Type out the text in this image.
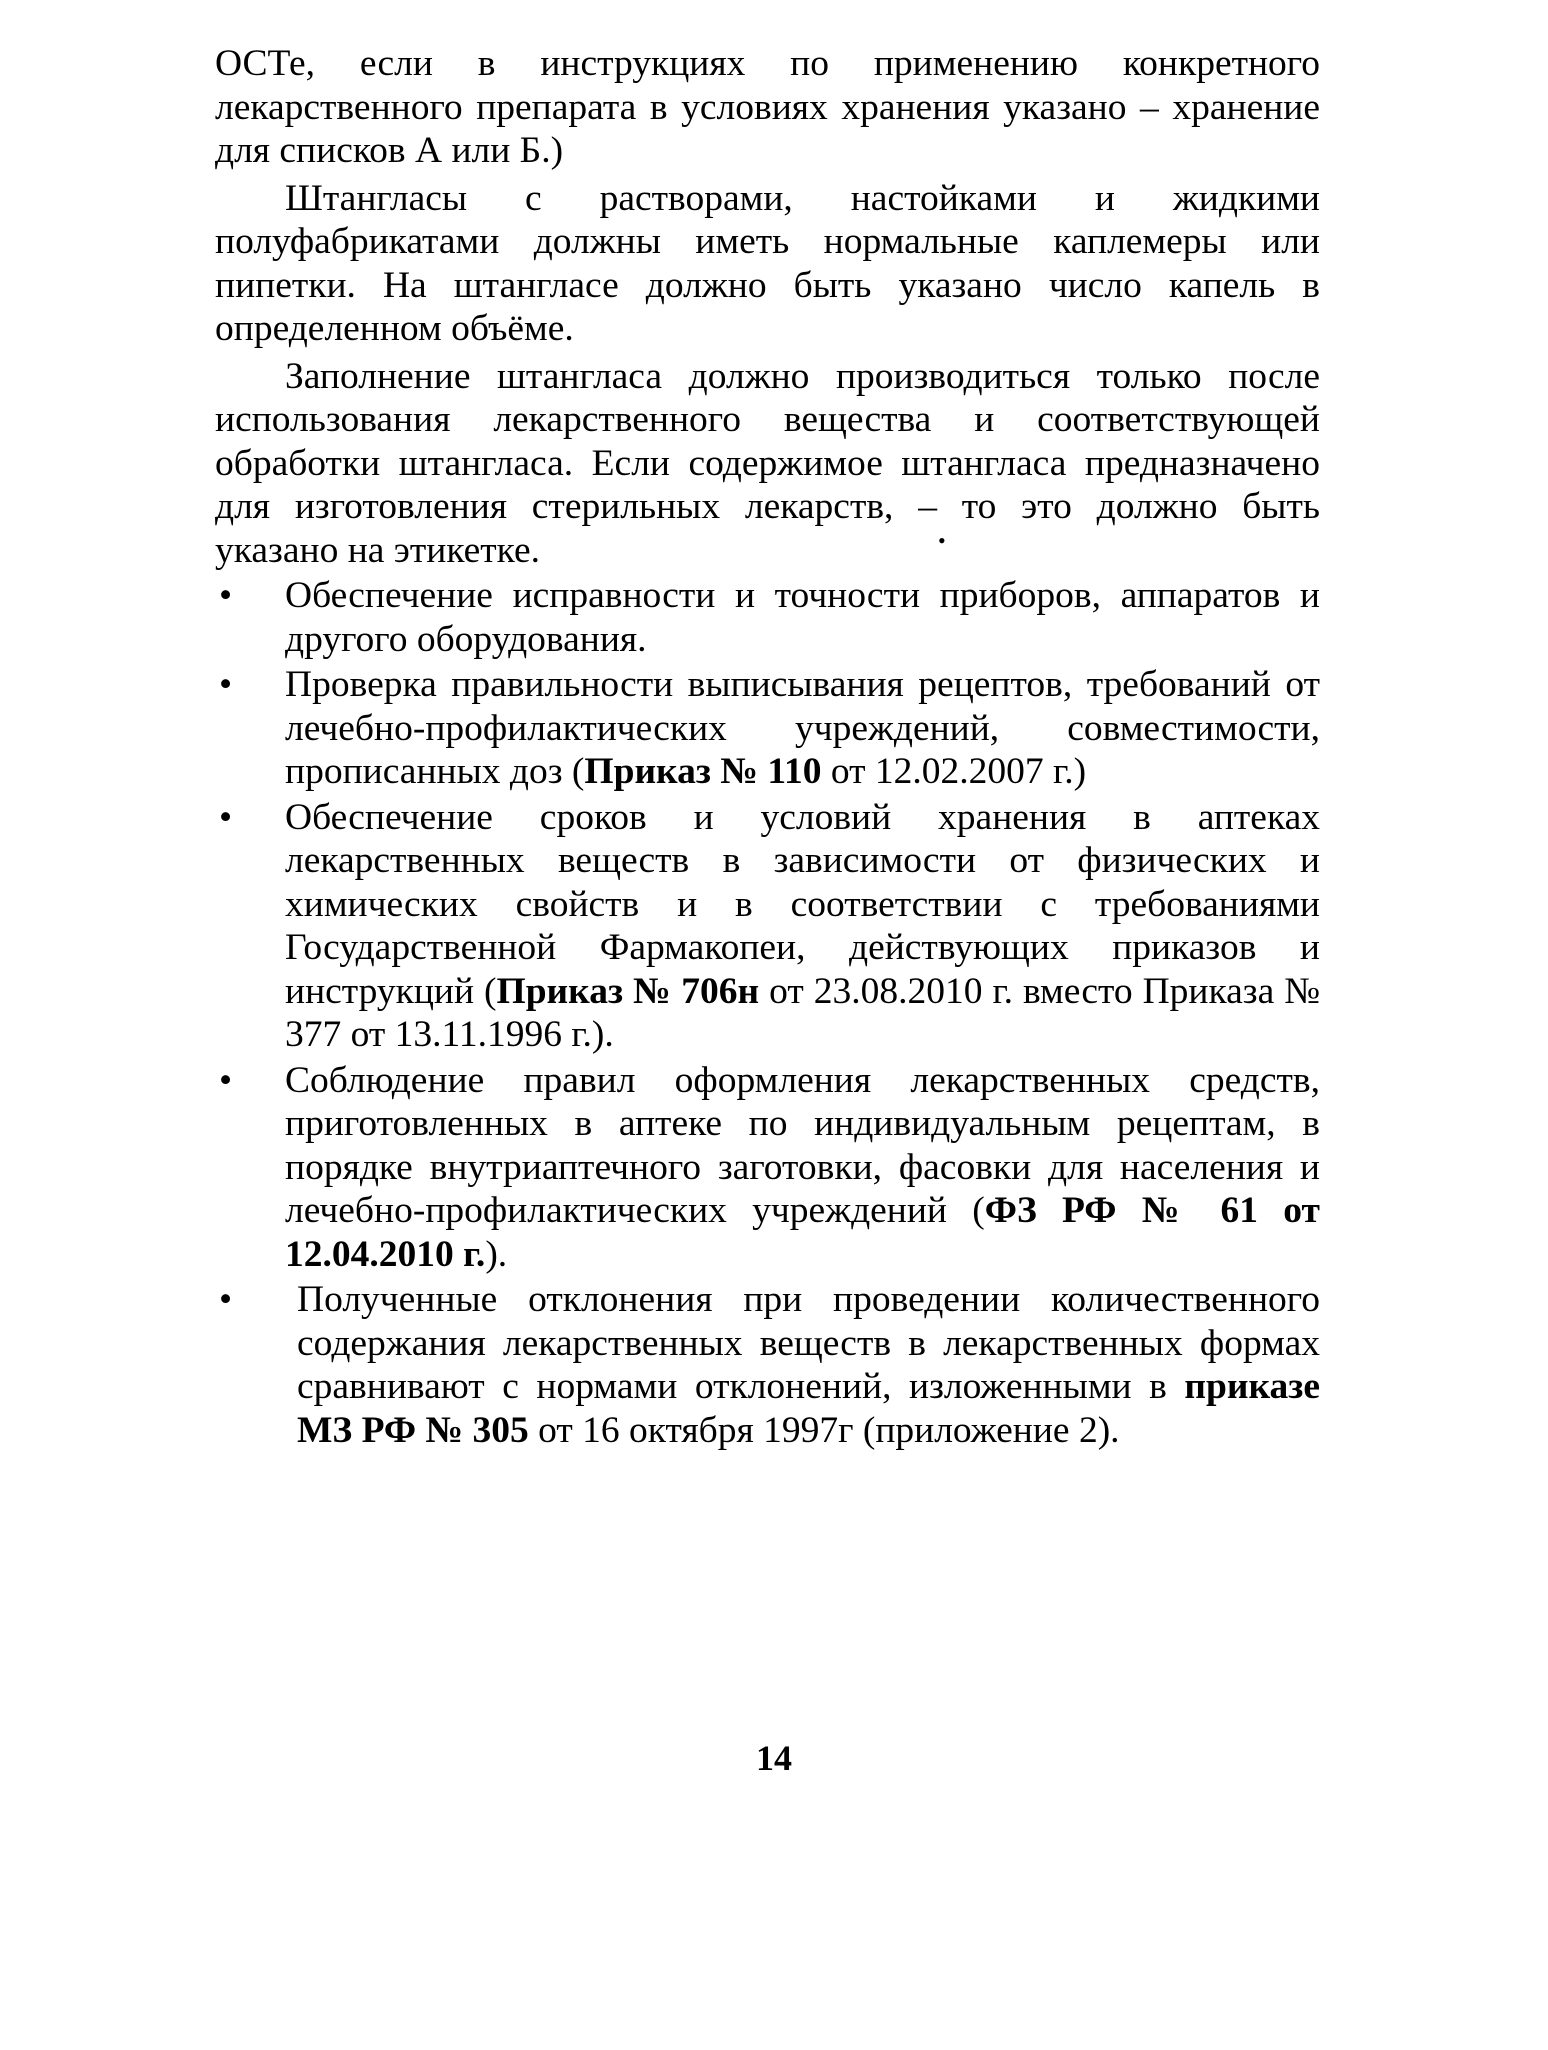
ОСТе, если в инструкциях по применению конкретного лекарственного препарата в условиях хранения указано – хранение для списков А или Б.)

Штангласы с растворами, настойками и жидкими полуфабрикатами должны иметь нормальные каплемеры или пипетки. На штангласе должно быть указано число капель в определенном объёме.

Заполнение штангласа должно производиться только после использования лекарственного вещества и соответствующей обработки штангласа. Если содержимое штангласа предназначено для изготовления стерильных лекарств, – то это должно быть указано на этикетке.

• Обеспечение исправности и точности приборов, аппаратов и другого оборудования.
• Проверка правильности выписывания рецептов, требований от лечебно-профилактических учреждений, совместимости, прописанных доз (Приказ № 110 от 12.02.2007 г.)
• Обеспечение сроков и условий хранения в аптеках лекарственных веществ в зависимости от физических и химических свойств и в соответствии с требованиями Государственной Фармакопеи, действующих приказов и инструкций (Приказ № 706н от 23.08.2010 г. вместо Приказа № 377 от 13.11.1996 г.).
• Соблюдение правил оформления лекарственных средств, приготовленных в аптеке по индивидуальным рецептам, в порядке внутриаптечного заготовки, фасовки для населения и лечебно-профилактических учреждений (ФЗ РФ № 61 от 12.04.2010 г.).
• Полученные отклонения при проведении количественного содержания лекарственных веществ в лекарственных формах сравнивают с нормами отклонений, изложенными в приказе МЗ РФ № 305 от 16 октября 1997г (приложение 2).
•
14
